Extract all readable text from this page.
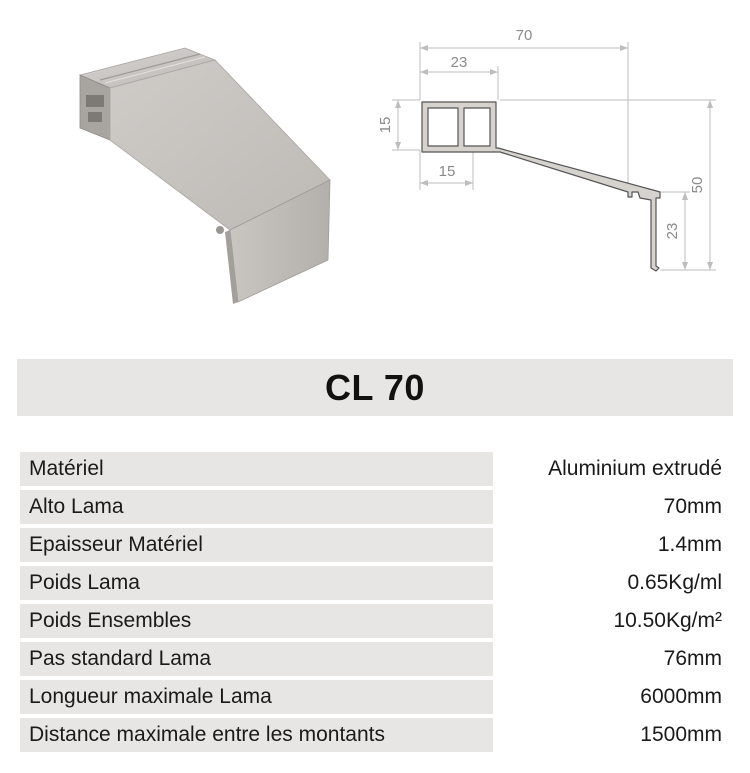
70
23
15
15
50
23
CL 70
Matériel	Aluminium extrudé
Alto Lama	70mm
Epaisseur Matériel	1.4mm
Poids Lama	0.65Kg/ml
Poids Ensembles	10.50Kg/m²
Pas standard Lama	76mm
Longueur maximale Lama	6000mm
Distance maximale entre les montants	1500mm
